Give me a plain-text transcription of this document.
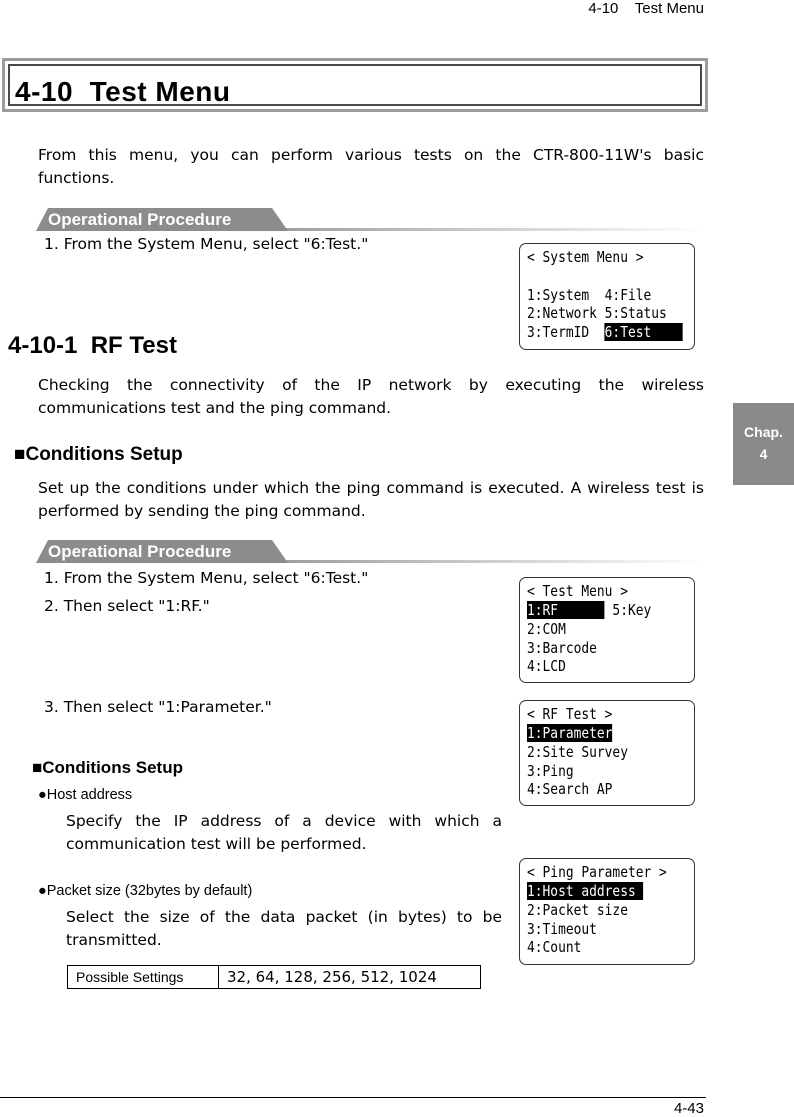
4-10 Test Menu
4-10 Test Menu
From this menu, you can perform various tests on the CTR-800-11W's basic functions.
Operational Procedure
1. From the System Menu, select "6:Test."
< System Menu >
1:System  4:File
2:Network 5:Status
3:TermID  6:Test
4-10-1 RF Test
Checking the connectivity of the IP network by executing the wireless communications test and the ping command.
■Conditions Setup
Set up the conditions under which the ping command is executed. A wireless test is performed by sending the ping command.
Operational Procedure
1. From the System Menu, select "6:Test."
2. Then select "1:RF."
< Test Menu >
1:RF       5:Key
2:COM
3:Barcode
4:LCD
3. Then select "1:Parameter."	< RF Test >
1:Parameter
2:Site Survey
3:Ping
4:Search AP
■Conditions Setup
●Host address
Specify the IP address of a device with which a communication test will be performed.
●Packet size (32bytes by default)
Select the size of the data packet (in bytes) to be transmitted.
< Ping Parameter >
1:Host address
2:Packet size
3:Timeout
4:Count
Possible Settings	32, 64, 128, 256, 512, 1024
Chap.
4
4-43
